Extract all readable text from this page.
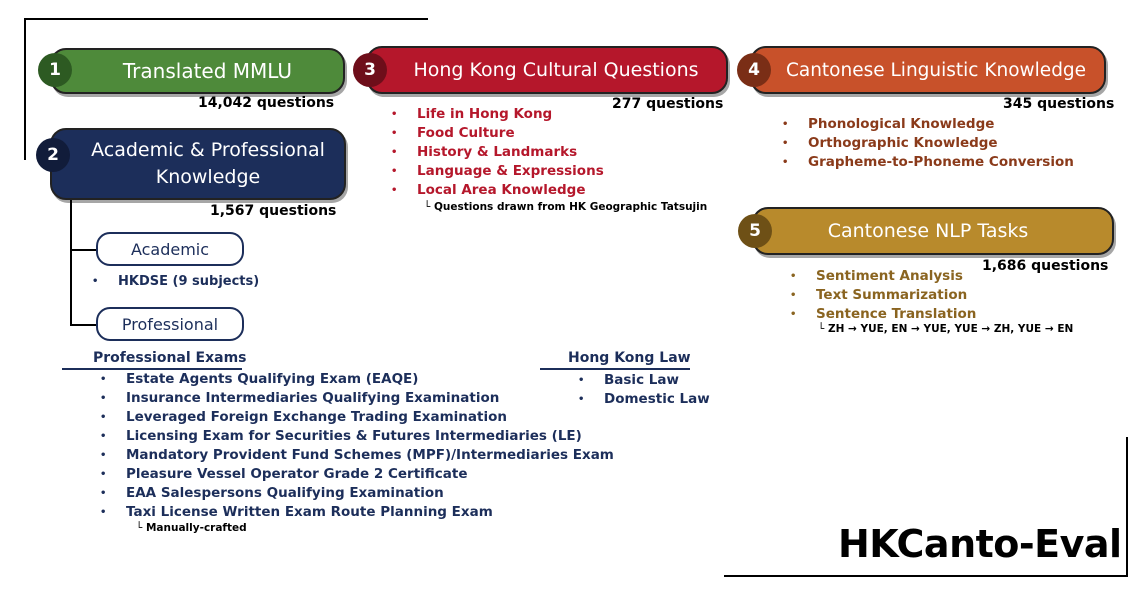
Translated MMLU
1
14,042 questions
Academic & Professional
Knowledge
2
1,567 questions
Academic
• HKDSE (9 subjects)
Professional
Professional Exams
• Estate Agents Qualifying Exam (EAQE)
• Insurance Intermediaries Qualifying Examination
• Leveraged Foreign Exchange Trading Examination
• Licensing Exam for Securities & Futures Intermediaries (LE)
• Mandatory Provident Fund Schemes (MPF)/Intermediaries Exam
• Pleasure Vessel Operator Grade 2 Certificate
• EAA Salespersons Qualifying Examination
• Taxi License Written Exam Route Planning Exam
└ Manually-crafted
Hong Kong Law
• Basic Law
• Domestic Law
Hong Kong Cultural Questions
3
277 questions
• Life in Hong Kong
• Food Culture
• History & Landmarks
• Language & Expressions
• Local Area Knowledge
└ Questions drawn from HK Geographic Tatsujin
Cantonese Linguistic Knowledge
4
345 questions
• Phonological Knowledge
• Orthographic Knowledge
• Grapheme-to-Phoneme Conversion
Cantonese NLP Tasks
5
1,686 questions
• Sentiment Analysis
• Text Summarization
• Sentence Translation
└ ZH → YUE, EN → YUE, YUE → ZH, YUE → EN
HKCanto-Eval
